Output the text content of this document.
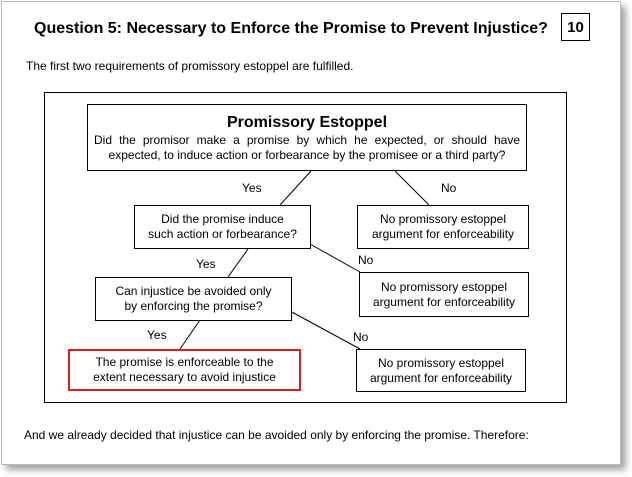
Question 5: Necessary to Enforce the Promise to Prevent Injustice?	10
The first two requirements of promissory estoppel are fulfilled.
Promissory Estoppel
Did the promisor make a promise by which he expected, or should have expected, to induce action or forbearance by the promisee or a third party?
Did the promise induce
such action or forbearance?
No promissory estoppel
argument for enforceability
Can injustice be avoided only
by enforcing the promise?
No promissory estoppel
argument for enforceability
The promise is enforceable to the
extent necessary to avoid injustice
No promissory estoppel
argument for enforceability
Yes	No
Yes	No
Yes	No
And we already decided that injustice can be avoided only by enforcing the promise. Therefore:
